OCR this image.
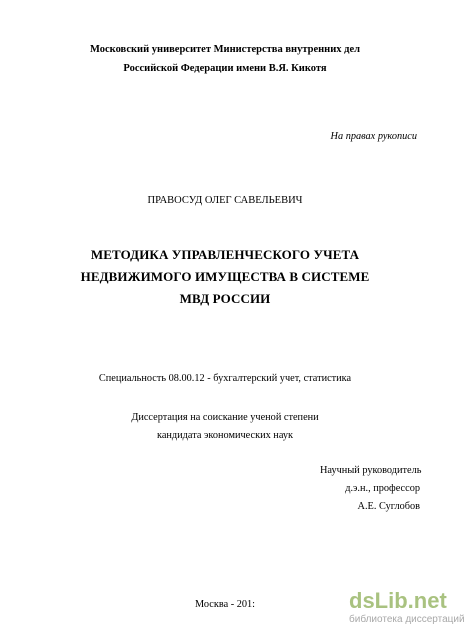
Московский университет Министерства внутренних дел
Российской Федерации имени В.Я. Кикотя
На правах рукописи
ПРАВОСУД ОЛЕГ САВЕЛЬЕВИЧ
МЕТОДИКА УПРАВЛЕНЧЕСКОГО УЧЕТА
НЕДВИЖИМОГО ИМУЩЕСТВА В СИСТЕМЕ
МВД РОССИИ
Специальность 08.00.12 - бухгалтерский учет, статистика
Диссертация на соискание ученой степени
кандидата экономических наук
Научный руководитель
д.э.н., профессор
А.Е. Суглобов
Москва - 201:	dsLib.net
библиотека диссертаций
